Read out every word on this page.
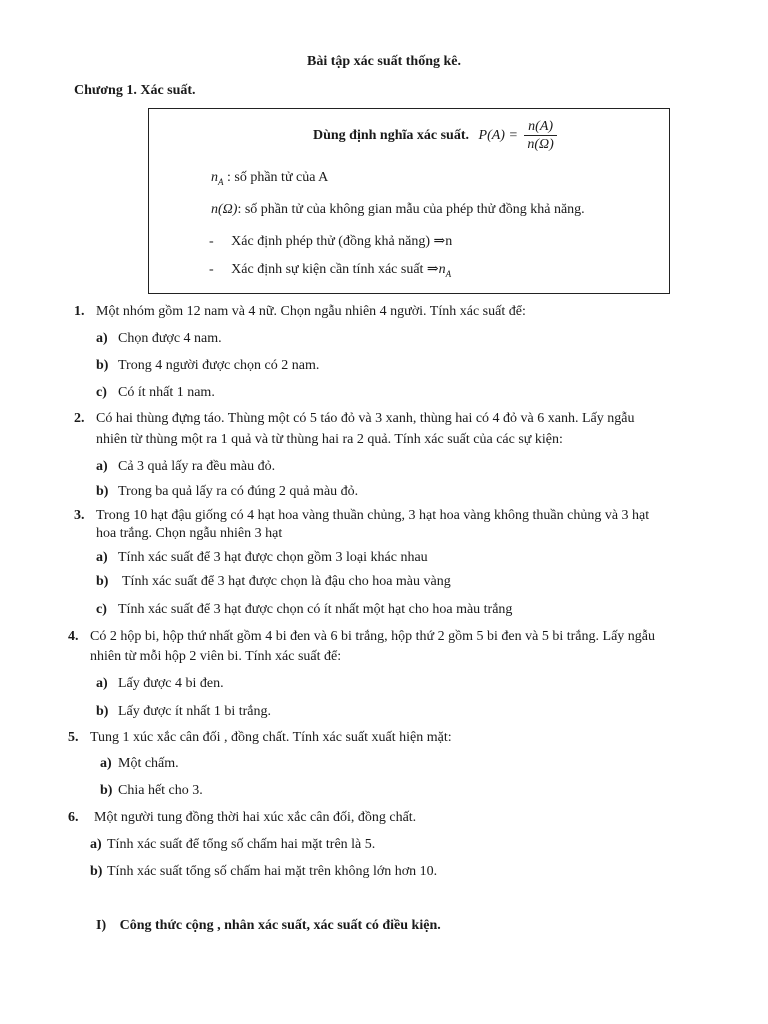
Bài tập xác suất thống kê.
Chương 1. Xác suất.
Dùng định nghĩa xác suất. $P(A) = \frac{n(A)}{n(\Omega)}$
$n_A$ : số phần tử của A
n(Ω): số phần tử của không gian mẫu của phép thử đồng khả năng.
- Xác định phép thử (đồng khả năng) ⇒n
- Xác định sự kiện cần tính xác suất $\Rightarrow n_A$
1. Một nhóm gồm 12 nam và 4 nữ. Chọn ngẫu nhiên 4 người. Tính xác suất để:
a) Chọn được 4 nam.
b) Trong 4 người được chọn có 2 nam.
c) Có ít nhất 1 nam.
2. Có hai thùng đựng táo. Thùng một có 5 táo đỏ và 3 xanh, thùng hai có 4 đỏ và 6 xanh. Lấy ngẫu
nhiên từ thùng một ra 1 quả và từ thùng hai ra 2 quả. Tính xác suất của các sự kiện:
a) Cả 3 quả lấy ra đều màu đỏ.
b) Trong ba quả lấy ra có đúng 2 quả màu đỏ.
3. Trong 10 hạt đậu giống có 4 hạt hoa vàng thuần chủng, 3 hạt hoa vàng không thuần chủng và 3 hạt
hoa trắng. Chọn ngẫu nhiên 3 hạt
a) Tính xác suất để 3 hạt được chọn gồm 3 loại khác nhau
b) Tính xác suất để 3 hạt được chọn là đậu cho hoa màu vàng
c) Tính xác suất để 3 hạt được chọn có ít nhất một hạt cho hoa màu trắng
4. Có 2 hộp bi, hộp thứ nhất gồm 4 bi đen và 6 bi trắng, hộp thứ 2 gồm 5 bi đen và 5 bi trắng. Lấy ngẫu
nhiên từ mỗi hộp 2 viên bi. Tính xác suất để:
a) Lấy được 4 bi đen.
b) Lấy được ít nhất 1 bi trắng.
5. Tung 1 xúc xắc cân đối , đồng chất. Tính xác suất xuất hiện mặt:
a) Một chấm.
b) Chia hết cho 3.
6. Một người tung đồng thời hai xúc xắc cân đối, đồng chất.
a) Tính xác suất để tổng số chấm hai mặt trên là 5.
b) Tính xác suất tổng số chấm hai mặt trên không lớn hơn 10.
I) Công thức cộng , nhân xác suất, xác suất có điều kiện.
